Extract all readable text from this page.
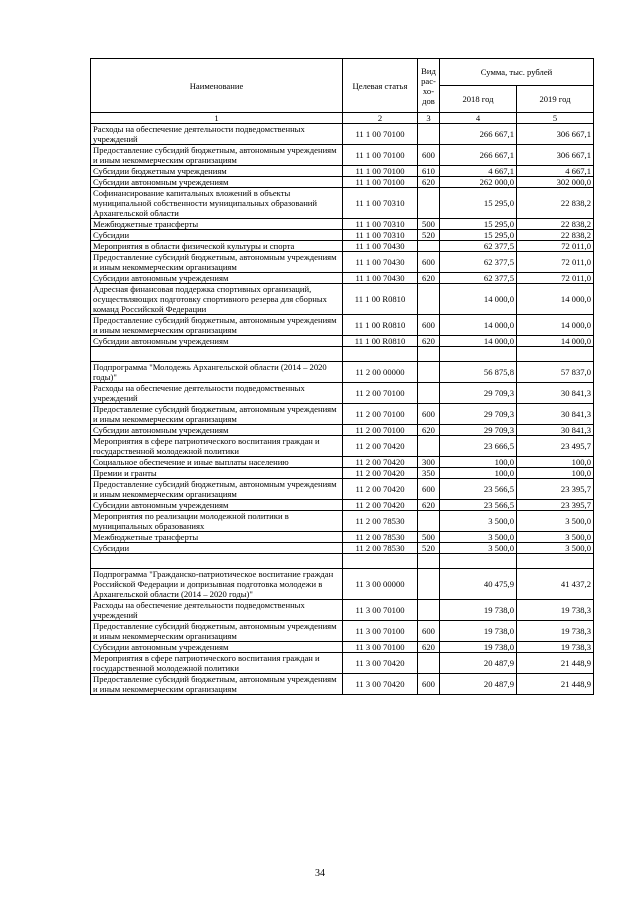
Наименование	Целевая статья	Вид рас-хо-дов	Сумма, тыс. рублей	
			2018 год	2019 год
1	2	3	4	5
Расходы на обеспечение деятельности подведомственных учреждений	11 1 00 70100		266 667,1	306 667,1
Предоставление субсидий бюджетным, автономным учреждениям и иным некоммерческим организациям	11 1 00 70100	600	266 667,1	306 667,1
Субсидии бюджетным учреждениям	11 1 00 70100	610	4 667,1	4 667,1
Субсидии автономным учреждениям	11 1 00 70100	620	262 000,0	302 000,0
Софинансирование капитальных вложений в объекты муниципальной собственности муниципальных образований Архангельской области	11 1 00 70310		15 295,0	22 838,2
Межбюджетные трансферты	11 1 00 70310	500	15 295,0	22 838,2
Субсидии	11 1 00 70310	520	15 295,0	22 838,2
Мероприятия в области физической культуры и спорта	11 1 00 70430		62 377,5	72 011,0
Предоставление субсидий бюджетным, автономным учреждениям и иным некоммерческим организациям	11 1 00 70430	600	62 377,5	72 011,0
Субсидии автономным учреждениям	11 1 00 70430	620	62 377,5	72 011,0
Адресная финансовая поддержка спортивных организаций, осуществляющих подготовку спортивного резерва для сборных команд Российской Федерации	11 1 00 R0810		14 000,0	14 000,0
Предоставление субсидий бюджетным, автономным учреждениям и иным некоммерческим организациям	11 1 00 R0810	600	14 000,0	14 000,0
Субсидии автономным учреждениям	11 1 00 R0810	620	14 000,0	14 000,0

Подпрограмма "Молодежь Архангельской области (2014 – 2020 годы)"	11 2 00 00000		56 875,8	57 837,0
Расходы на обеспечение деятельности подведомственных учреждений	11 2 00 70100		29 709,3	30 841,3
Предоставление субсидий бюджетным, автономным учреждениям и иным некоммерческим организациям	11 2 00 70100	600	29 709,3	30 841,3
Субсидии автономным учреждениям	11 2 00 70100	620	29 709,3	30 841,3
Мероприятия в сфере патриотического воспитания граждан и государственной молодежной политики	11 2 00 70420		23 666,5	23 495,7
Социальное обеспечение и иные выплаты населению	11 2 00 70420	300	100,0	100,0
Премии и гранты	11 2 00 70420	350	100,0	100,0
Предоставление субсидий бюджетным, автономным учреждениям и иным некоммерческим организациям	11 2 00 70420	600	23 566,5	23 395,7
Субсидии автономным учреждениям	11 2 00 70420	620	23 566,5	23 395,7
Мероприятия по реализации молодежной политики в муниципальных образованиях	11 2 00 78530		3 500,0	3 500,0
Межбюджетные трансферты	11 2 00 78530	500	3 500,0	3 500,0
Субсидии	11 2 00 78530	520	3 500,0	3 500,0

Подпрограмма "Гражданско-патриотическое воспитание граждан Российской Федерации и допризывная подготовка молодежи в Архангельской области (2014 – 2020 годы)"	11 3 00 00000		40 475,9	41 437,2
Расходы на обеспечение деятельности подведомственных учреждений	11 3 00 70100		19 738,0	19 738,3
Предоставление субсидий бюджетным, автономным учреждениям и иным некоммерческим организациям	11 3 00 70100	600	19 738,0	19 738,3
Субсидии автономным учреждениям	11 3 00 70100	620	19 738,0	19 738,3
Мероприятия в сфере патриотического воспитания граждан и государственной молодежной политики	11 3 00 70420		20 487,9	21 448,9
Предоставление субсидий бюджетным, автономным учреждениям и иным некоммерческим организациям	11 3 00 70420	600	20 487,9	21 448,9
34
